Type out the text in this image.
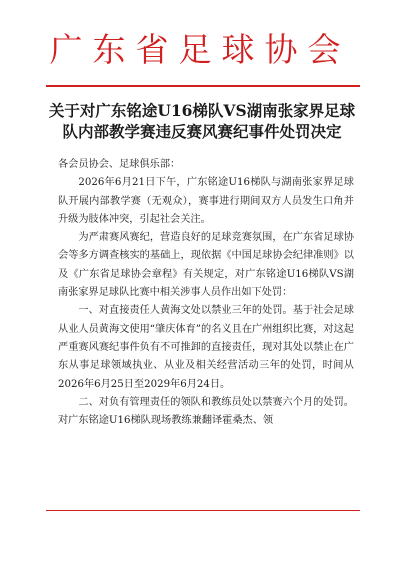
广东省足球协会
关于对广东铭途U16梯队VS湖南张家界足球
队内部教学赛违反赛风赛纪事件处罚决定

各会员协会、足球俱乐部：

2026年6月21日下午，广东铭途U16梯队与湖南张家界足球队开展内部教学赛（无观众），赛事进行期间双方人员发生口角并升级为肢体冲突，引起社会关注。

为严肃赛风赛纪，营造良好的足球竞赛氛围，在广东省足球协会等多方调查核实的基础上，现依据《中国足球协会纪律准则》以及《广东省足球协会章程》有关规定，对广东铭途U16梯队VS湖南张家界足球队比赛中相关涉事人员作出如下处罚：

一、对直接责任人黄海文处以禁业三年的处罚。基于社会足球从业人员黄海文使用“肇庆体育”的名义且在广州组织比赛，对这起严重赛风赛纪事件负有不可推卸的直接责任，现对其处以禁止在广东从事足球领域执业、从业及相关经营活动三年的处罚，时间从2026年6月25日至2029年6月24日。

二、对负有管理责任的领队和教练员处以禁赛六个月的处罚。对广东铭途U16梯队现场教练兼翻译霍桑杰、领
